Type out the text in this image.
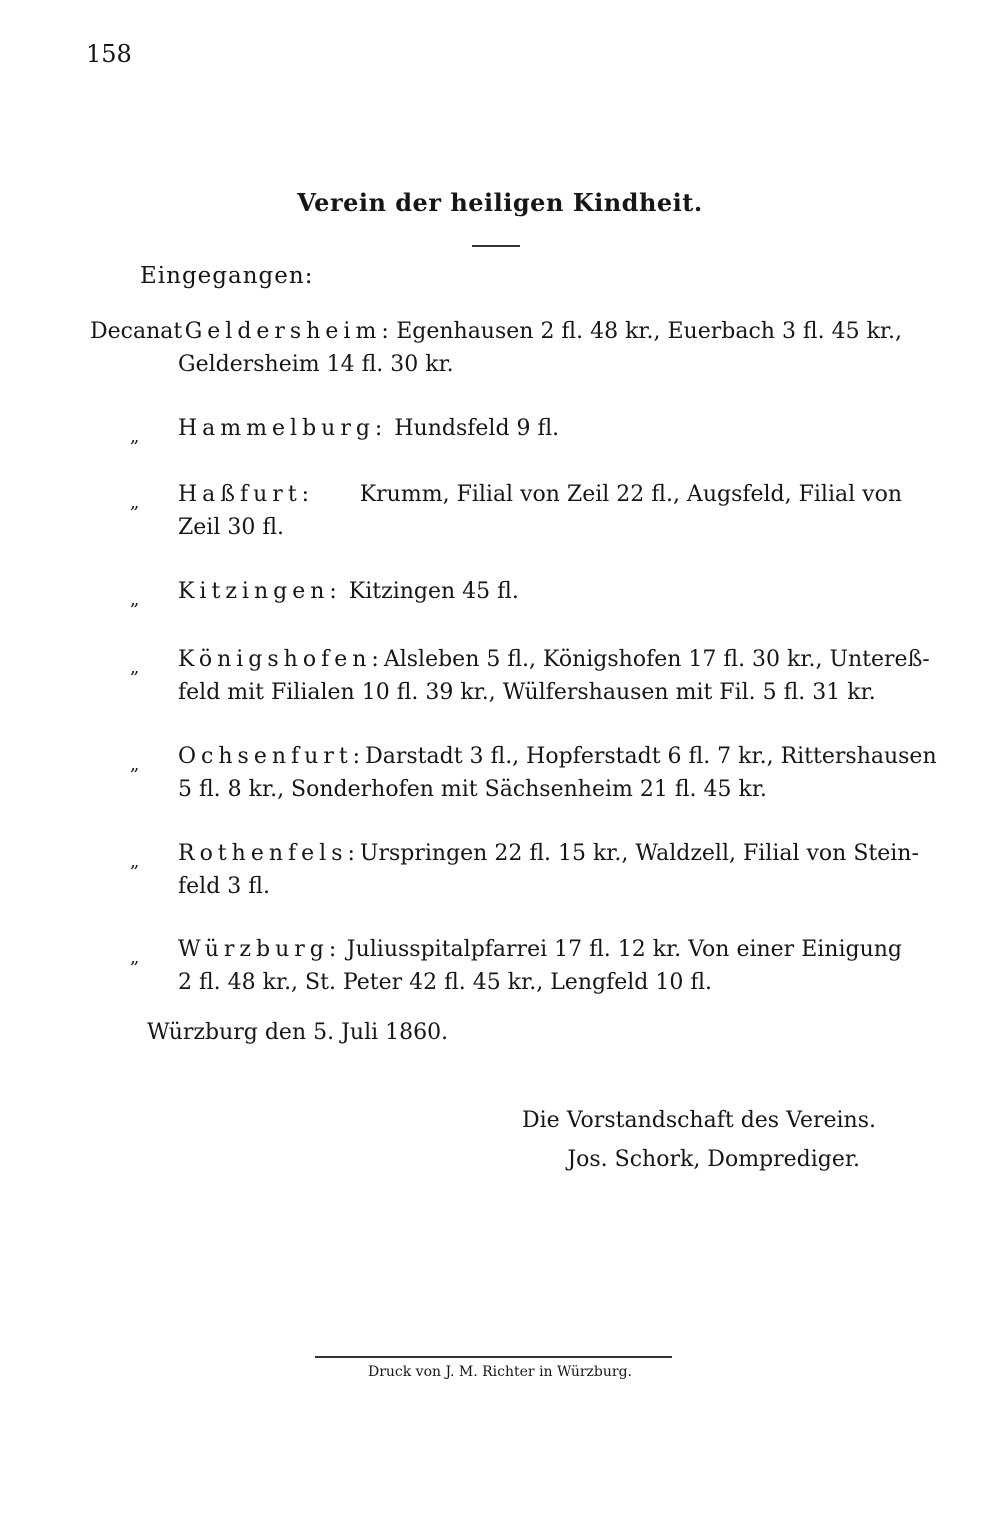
158
Verein der heiligen Kindheit.
Eingegangen:
Decanat Geldersheim: Egenhausen 2 fl. 48 kr., Euerbach 3 fl. 45 kr.,
Geldersheim 14 fl. 30 kr.
„ Hammelburg:
Hundsfeld 9 fl.
„ Haßfurt: Krumm, Filial von Zeil 22 fl., Augsfeld, Filial von
Zeil 30 fl.
„ Kitzingen:
Kitzingen 45 fl.
„ Königshofen: Alsleben 5 fl., Königshofen 17 fl. 30 kr., Untereß-
feld mit Filialen 10 fl. 39 kr., Wülfershausen mit Fil. 5 fl. 31 kr.
„ Ochsenfurt: Darstadt 3 fl., Hopferstadt 6 fl. 7 kr., Rittershausen
5 fl. 8 kr., Sonderhofen mit Sächsenheim 21 fl. 45 kr.
„ Rothenfels: Urspringen 22 fl. 15 kr., Waldzell, Filial von Stein-
feld 3 fl.
„ Würzburg: Juliusspitalpfarrei 17 fl. 12 kr. Von einer Einigung
2 fl. 48 kr., St. Peter 42 fl. 45 kr., Lengfeld 10 fl.
Würzburg den 5. Juli 1860.
Die Vorstandschaft des Vereins.
Jos. Schork, Domprediger.
Druck von J. M. Richter in Würzburg.
